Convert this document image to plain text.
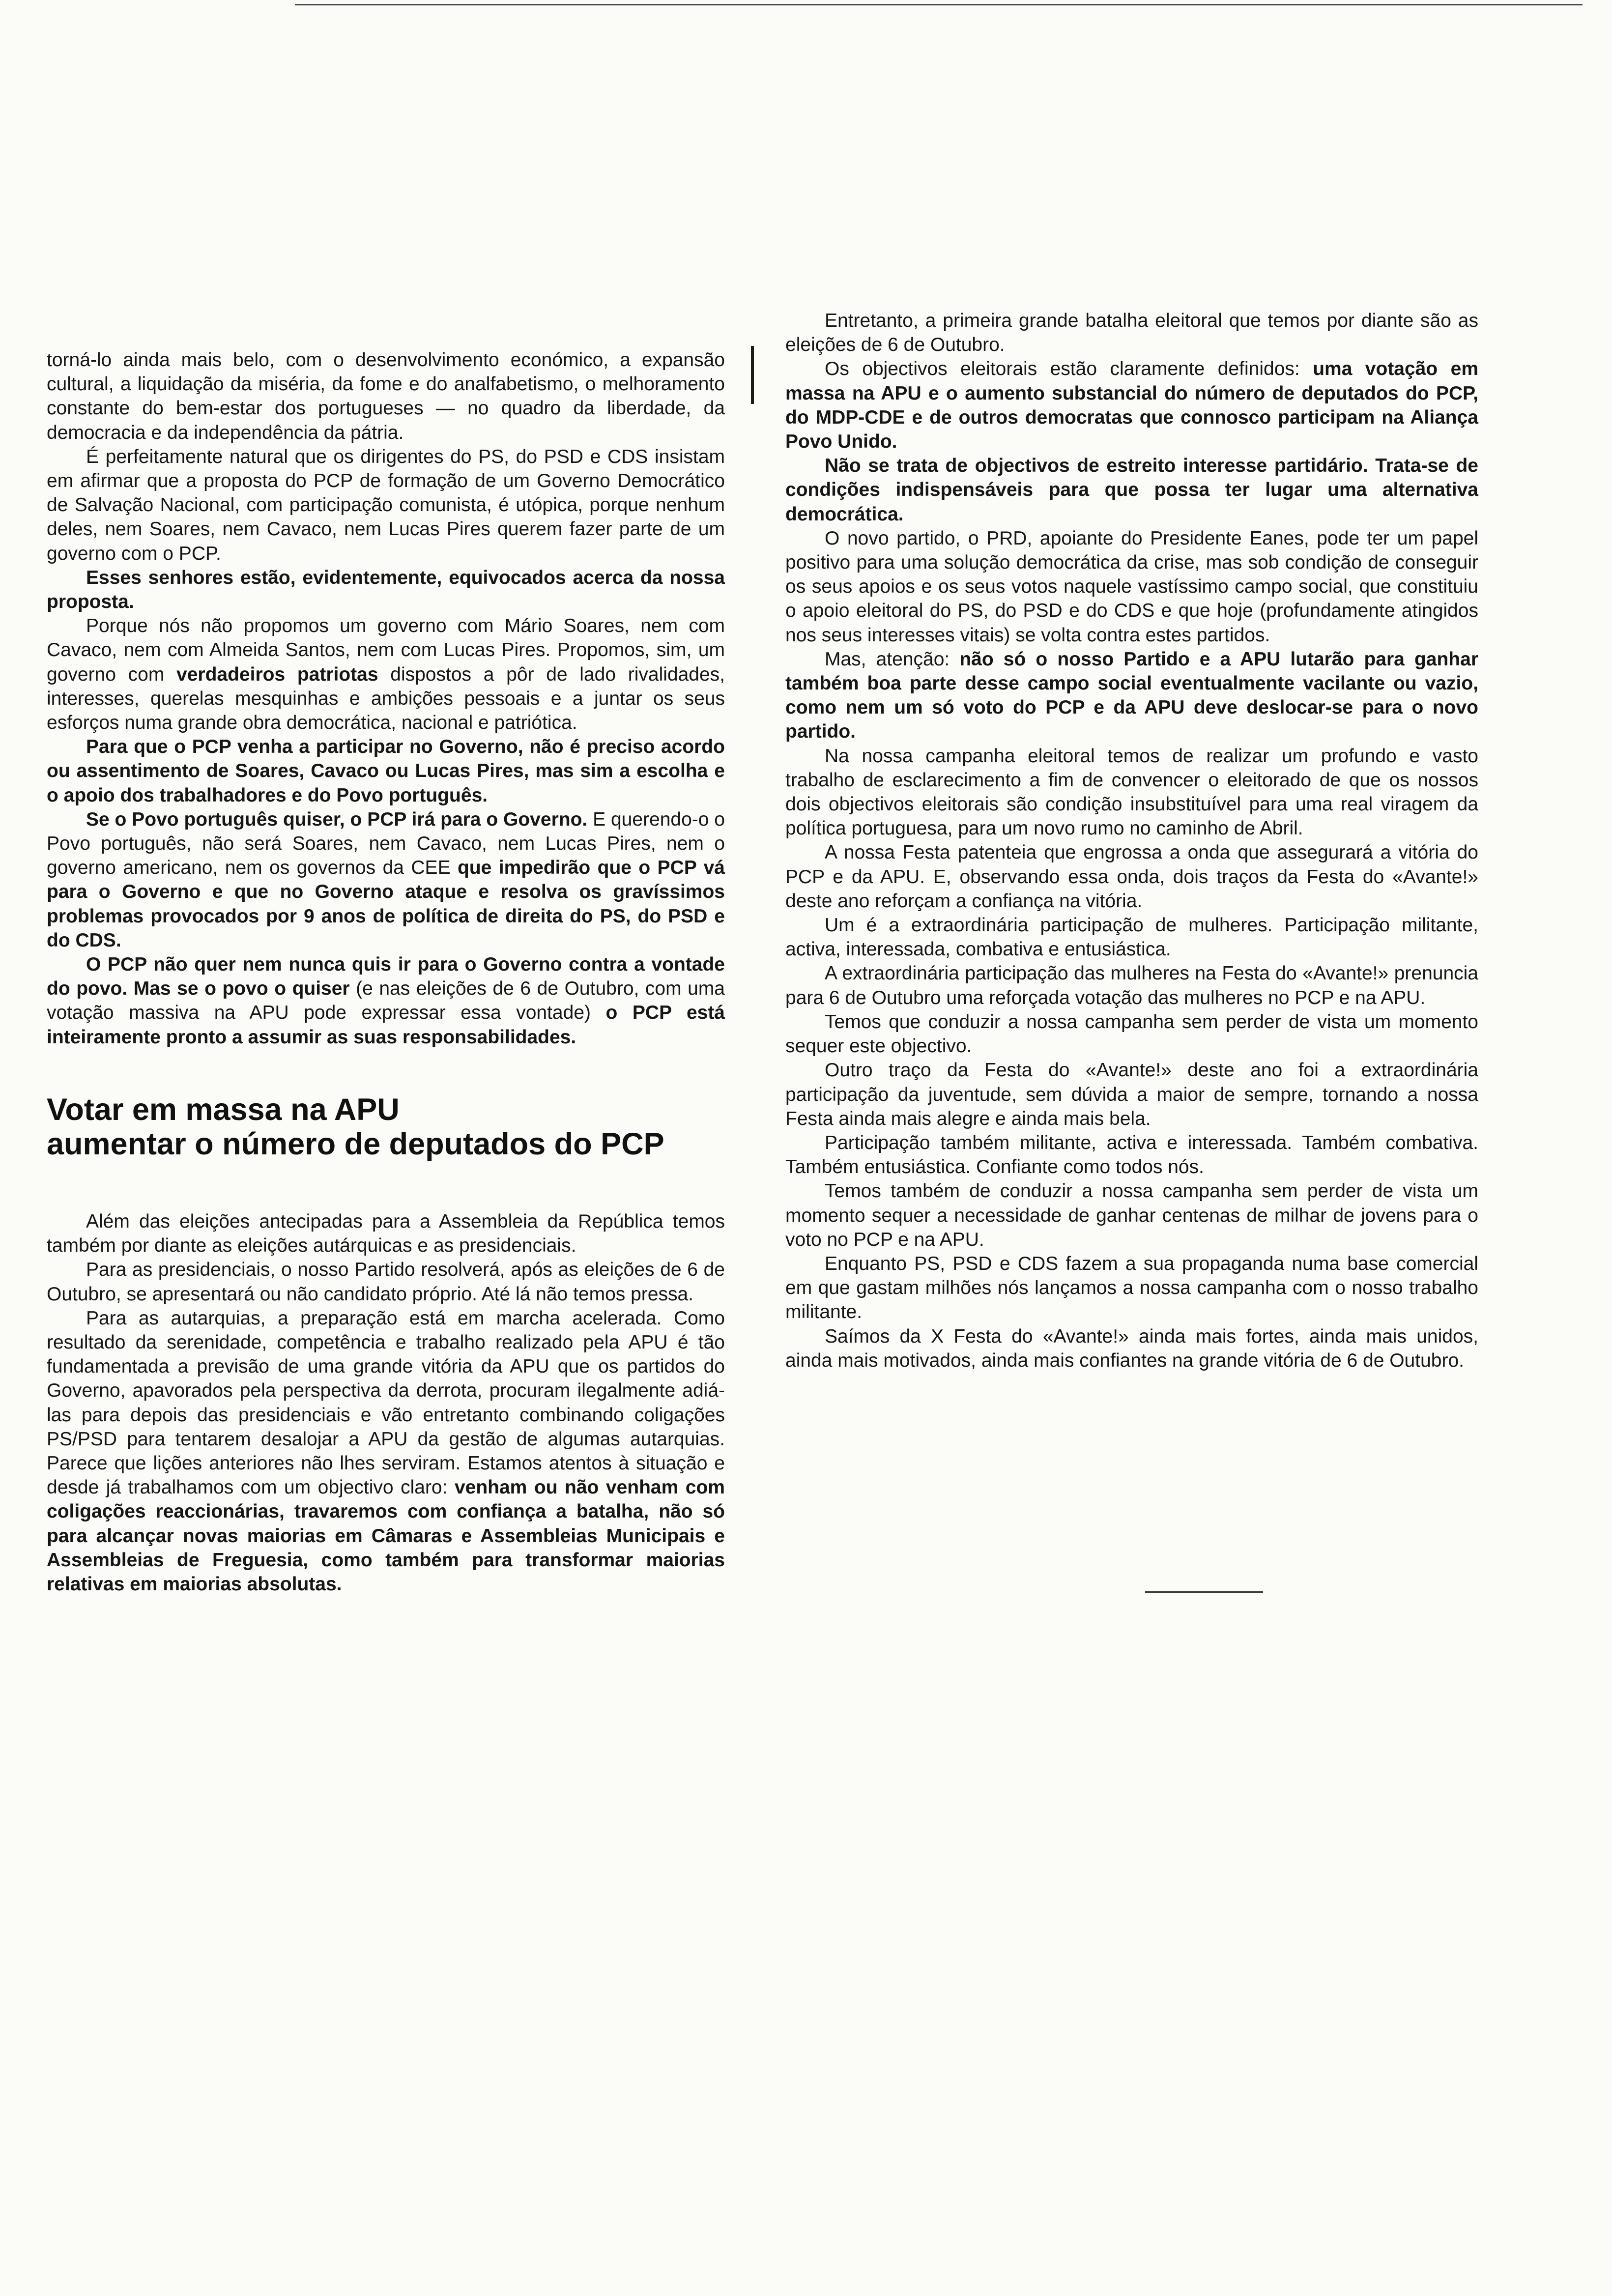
torná-lo ainda mais belo, com o desenvolvimento económico, a expansão cultural, a liquidação da miséria, da fome e do analfabetismo, o melhoramento constante do bem-estar dos portugueses — no quadro da liberdade, da democracia e da independência da pátria.

É perfeitamente natural que os dirigentes do PS, do PSD e CDS insistam em afirmar que a proposta do PCP de formação de um Governo Democrático de Salvação Nacional, com participação comunista, é utópica, porque nenhum deles, nem Soares, nem Cavaco, nem Lucas Pires querem fazer parte de um governo com o PCP.

Esses senhores estão, evidentemente, equivocados acerca da nossa proposta.

Porque nós não propomos um governo com Mário Soares, nem com Cavaco, nem com Almeida Santos, nem com Lucas Pires. Propomos, sim, um governo com verdadeiros patriotas dispostos a pôr de lado rivalidades, interesses, querelas mesquinhas e ambições pessoais e a juntar os seus esforços numa grande obra democrática, nacional e patriótica.

Para que o PCP venha a participar no Governo, não é preciso acordo ou assentimento de Soares, Cavaco ou Lucas Pires, mas sim a escolha e o apoio dos trabalhadores e do Povo português.

Se o Povo português quiser, o PCP irá para o Governo. E querendo-o o Povo português, não será Soares, nem Cavaco, nem Lucas Pires, nem o governo americano, nem os governos da CEE que impedirão que o PCP vá para o Governo e que no Governo ataque e resolva os gravíssimos problemas provocados por 9 anos de política de direita do PS, do PSD e do CDS.

O PCP não quer nem nunca quis ir para o Governo contra a vontade do povo. Mas se o povo o quiser (e nas eleições de 6 de Outubro, com uma votação massiva na APU pode expressar essa vontade) o PCP está inteiramente pronto a assumir as suas responsabilidades.

Votar em massa na APU
aumentar o número de deputados do PCP

Além das eleições antecipadas para a Assembleia da República temos também por diante as eleições autárquicas e as presidenciais.

Para as presidenciais, o nosso Partido resolverá, após as eleições de 6 de Outubro, se apresentará ou não candidato próprio. Até lá não temos pressa.

Para as autarquias, a preparação está em marcha acelerada. Como resultado da serenidade, competência e trabalho realizado pela APU é tão fundamentada a previsão de uma grande vitória da APU que os partidos do Governo, apavorados pela perspectiva da derrota, procuram ilegalmente adiá-las para depois das presidenciais e vão entretanto combinando coligações PS/PSD para tentarem desalojar a APU da gestão de algumas autarquias. Parece que lições anteriores não lhes serviram. Estamos atentos à situação e desde já trabalhamos com um objectivo claro: venham ou não venham com coligações reaccionárias, travaremos com confiança a batalha, não só para alcançar novas maiorias em Câmaras e Assembleias Municipais e Assembleias de Freguesia, como também para transformar maiorias relativas em maiorias absolutas.

Entretanto, a primeira grande batalha eleitoral que temos por diante são as eleições de 6 de Outubro.

Os objectivos eleitorais estão claramente definidos: uma votação em massa na APU e o aumento substancial do número de deputados do PCP, do MDP-CDE e de outros democratas que connosco participam na Aliança Povo Unido.

Não se trata de objectivos de estreito interesse partidário. Trata-se de condições indispensáveis para que possa ter lugar uma alternativa democrática.

O novo partido, o PRD, apoiante do Presidente Eanes, pode ter um papel positivo para uma solução democrática da crise, mas sob condição de conseguir os seus apoios e os seus votos naquele vastíssimo campo social, que constituiu o apoio eleitoral do PS, do PSD e do CDS e que hoje (profundamente atingidos nos seus interesses vitais) se volta contra estes partidos.

Mas, atenção: não só o nosso Partido e a APU lutarão para ganhar também boa parte desse campo social eventualmente vacilante ou vazio, como nem um só voto do PCP e da APU deve deslocar-se para o novo partido.

Na nossa campanha eleitoral temos de realizar um profundo e vasto trabalho de esclarecimento a fim de convencer o eleitorado de que os nossos dois objectivos eleitorais são condição insubstituível para uma real viragem da política portuguesa, para um novo rumo no caminho de Abril.

A nossa Festa patenteia que engrossa a onda que assegurará a vitória do PCP e da APU. E, observando essa onda, dois traços da Festa do «Avante!» deste ano reforçam a confiança na vitória.

Um é a extraordinária participação de mulheres. Participação militante, activa, interessada, combativa e entusiástica.

A extraordinária participação das mulheres na Festa do «Avante!» prenuncia para 6 de Outubro uma reforçada votação das mulheres no PCP e na APU.

Temos que conduzir a nossa campanha sem perder de vista um momento sequer este objectivo.

Outro traço da Festa do «Avante!» deste ano foi a extraordinária participação da juventude, sem dúvida a maior de sempre, tornando a nossa Festa ainda mais alegre e ainda mais bela.

Participação também militante, activa e interessada. Também combativa. Também entusiástica. Confiante como todos nós.

Temos também de conduzir a nossa campanha sem perder de vista um momento sequer a necessidade de ganhar centenas de milhar de jovens para o voto no PCP e na APU.

Enquanto PS, PSD e CDS fazem a sua propaganda numa base comercial em que gastam milhões nós lançamos a nossa campanha com o nosso trabalho militante.

Saímos da X Festa do «Avante!» ainda mais fortes, ainda mais unidos, ainda mais motivados, ainda mais confiantes na grande vitória de 6 de Outubro.
